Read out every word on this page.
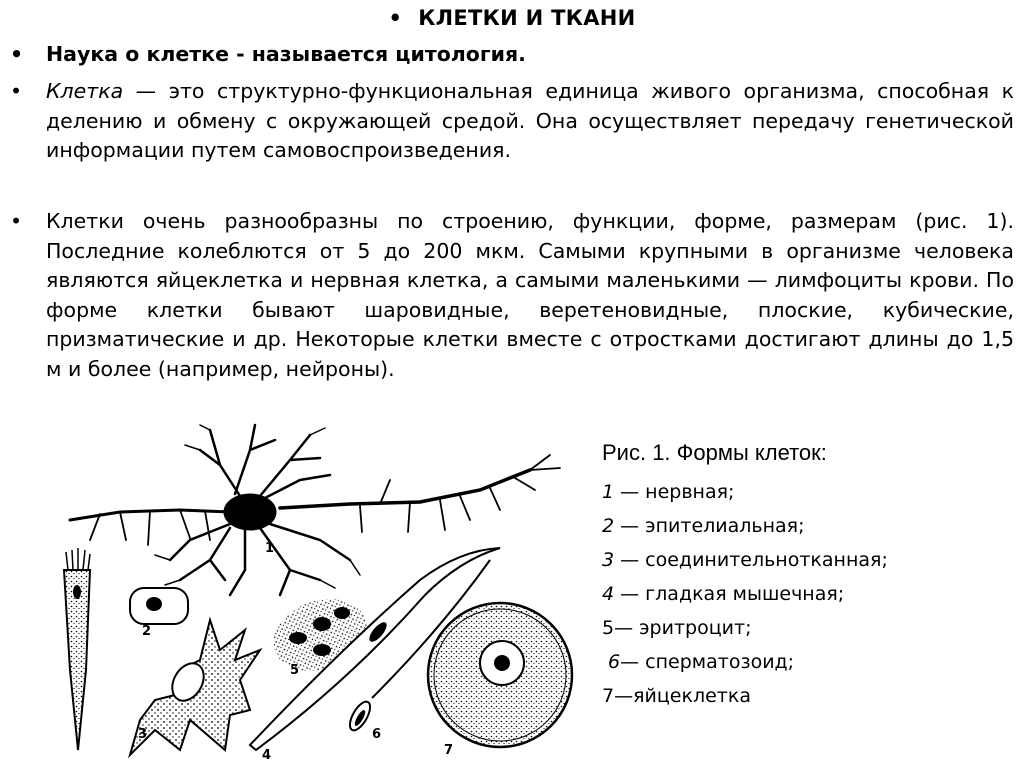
• КЛЕТКИ И ТКАНИ
• Наука о клетке - называется цитология.
• Клетка — это структурно-функциональная единица живого организма, способная к делению и обмену с окружающей средой. Она осуществляет передачу генетической информации путем самовоспроизведения.
• Клетки очень разнообразны по строению, функции, форме, размерам (рис. 1). Последние колеблются от 5 до 200 мкм. Самыми крупными в организме человека являются яйцеклетка и нервная клетка, а самыми маленькими — лимфоциты крови. По форме клетки бывают шаровидные, веретеновидные, плоские, кубические, призматические и др. Некоторые клетки вместе с отростками достигают длины до 1,5 м и более (например, нейроны).
1
2
3
4
5
6
7
Рис. 1. Формы клеток:
1 — нервная;
2 — эпителиальная;
3 — соединительнотканная;
4 — гладкая мышечная;
5— эритроцит;
6— сперматозоид;
7—яйцеклетка
